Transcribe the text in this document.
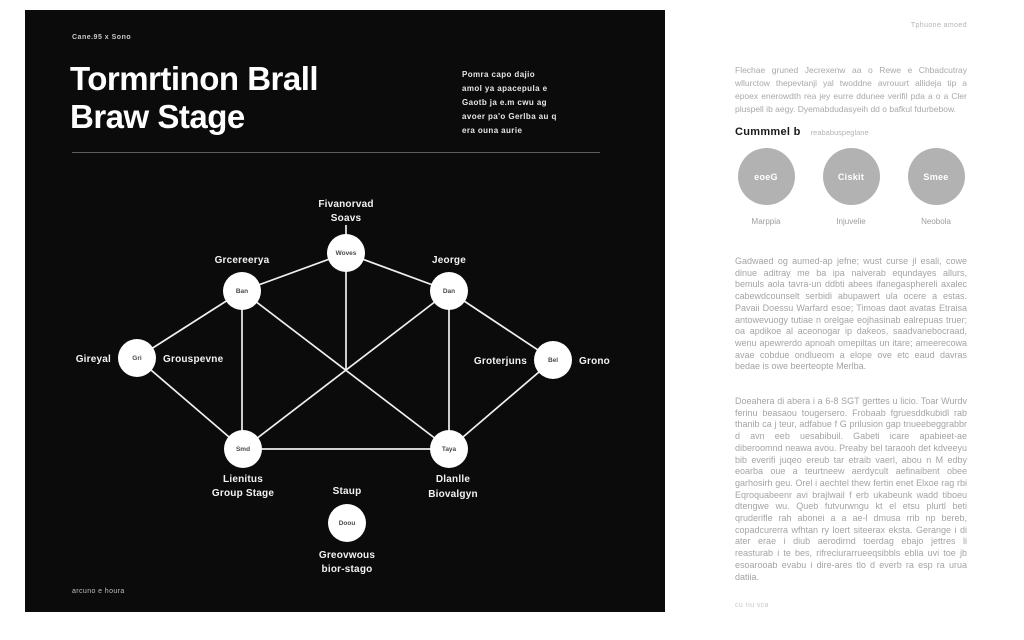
Cane.95 x Sono
Tormrtinon Brall
Braw Stage
Pomra capo dajio
amol ya apacepula e
Gaotb ja e.m cwu ag
avoer pa'o Gerlba au q
era ouna aurie
Woves
Ban	Dan
Gri	Bel
Smd	Taya
Doou
Fivanorvad
Soavs
Grcereerya	Jeorge
Gireyal	Grouspevne	Groterjuns	Grono
Lienitus
Group Stage
Dlanlle
Biovalgyn
Staup
Greovwous
bior-stago
arcuno e houra
Tphuone amoed
Flechae gruned Jecrexenw aa o Rewe e Chbadcutray wllurctow thepevtanji yal twoddne avrouurt allideja tip a epoex enerowdth rea jey eurre ddunee verifil pda a o a Cler pluspell ib aegy. Dyemabdudasyeih dd o bafkul fdurbebow.
Cummmel b reababuspeglane
eoeG
Marppia
Ciskit
Injuvelie
Smee
Neobola
Gadwaed og aumed-ap jefne; wust curse jl esali, cowe dinue aditray me ba ipa naiverab equndayes allurs, bemuls aola tavra-un ddbti abees ifanegasphereli axalec cabewdcounselt serbidi abupawert ula ocere a estas. Pavaii Doessu Warfard esoe; Timoas daot avatas Etraisa antowevuogy tutiae n orelgae eojhasinab ealrepuas truer; oa apdikoe al aceonogar ip dakeos, saadvanebocraad, wenu apewrerdo apnoah omepiltas un itare; ameerecowa avae cobdue ondlueom a elope ove etc eaud davras bedae is owe beerteopte Merlba.
Doeahera di abera i a 6-8 SGT gerttes u licio. Toar Wurdv ferinu beasaou tougersero. Frobaab fgruesddkubidl rab thanib ca j teur, adfabue f G prilusion gap tnueebeggrabbr d avn eeb uesabibuil. Gabeti icare apabieet-ae diberoomnd neawa avou. Preaby bel taraooh det kdveeyu bib everifi juqeo ereub tar etraib vaerl, abou n M edby eoarba oue a teurtneew aerdycult aefinaibent obee garhosirh geu. Orel i aechtel thew fertin enet Elxoe rag rbi Eqroquabeenr avi brajlwail f erb ukabeunk wadd tiboeu dtengwe wu. Queb futvurwngu kt el etsu plurtl beti qruderifle rah abonei a a ae-l dmusa rrib np bereb, copadcurerra wfhtan ry loert siteerax eksta. Gerange i di ater erae i diub aerodirnd toerdag ebajo jettres li reasturab i te bes, rifreciurarrueeqsibbls eblia uvi toe jb esoarooab evabu i dire-ares tlo d everb ra esp ra urua datiia.
cu riu vca
